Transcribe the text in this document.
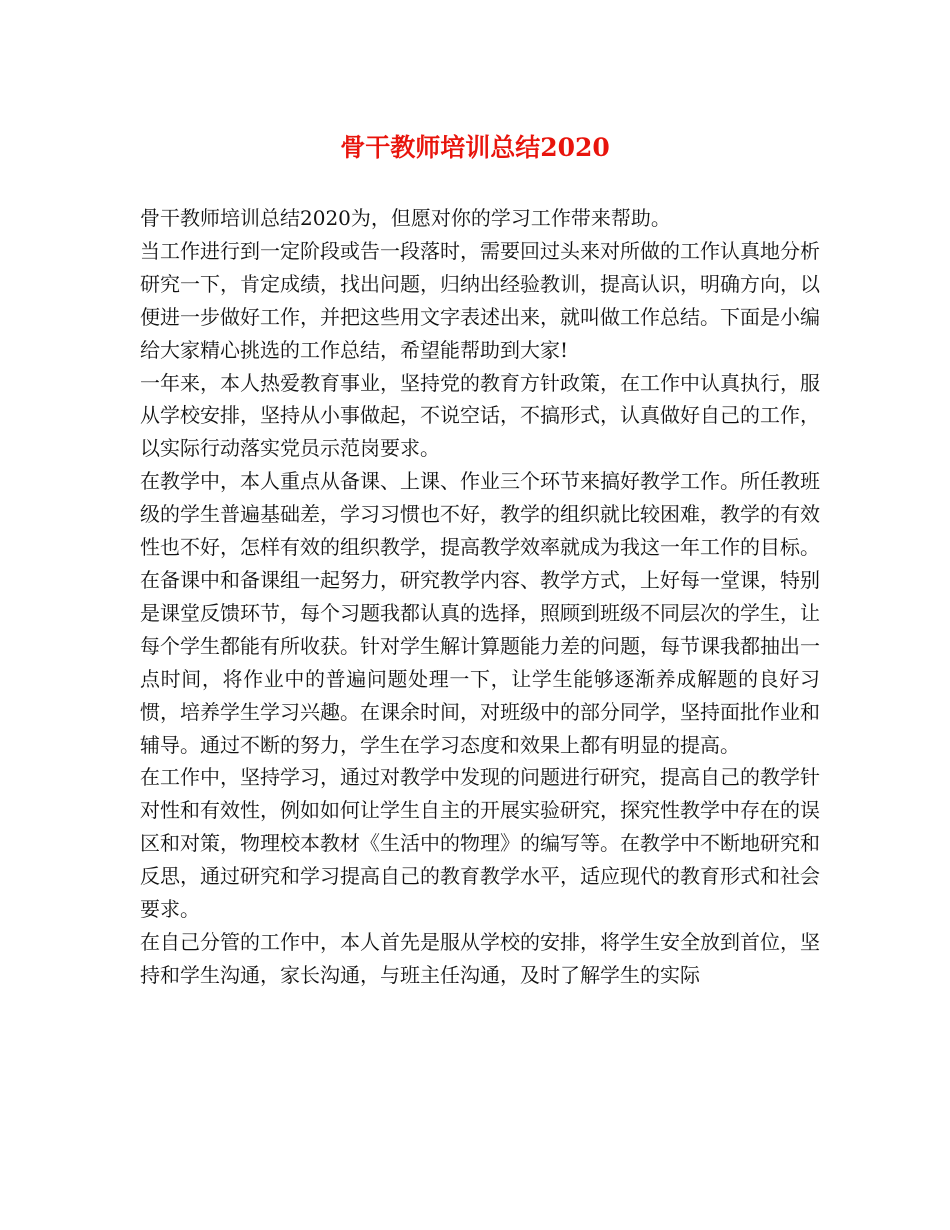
骨干教师培训总结2020

骨干教师培训总结2020为，但愿对你的学习工作带来帮助。

当工作进行到一定阶段或告一段落时，需要回过头来对所做的工作认真地分析研究一下，肯定成绩，找出问题，归纳出经验教训，提高认识，明确方向，以便进一步做好工作，并把这些用文字表述出来，就叫做工作总结。下面是小编给大家精心挑选的工作总结，希望能帮助到大家!

一年来，本人热爱教育事业，坚持党的教育方针政策，在工作中认真执行，服从学校安排，坚持从小事做起，不说空话，不搞形式，认真做好自己的工作，以实际行动落实党员示范岗要求。

在教学中，本人重点从备课、上课、作业三个环节来搞好教学工作。所任教班级的学生普遍基础差，学习习惯也不好，教学的组织就比较困难，教学的有效性也不好，怎样有效的组织教学，提高教学效率就成为我这一年工作的目标。在备课中和备课组一起努力，研究教学内容、教学方式，上好每一堂课，特别是课堂反馈环节，每个习题我都认真的选择，照顾到班级不同层次的学生，让每个学生都能有所收获。针对学生解计算题能力差的问题，每节课我都抽出一点时间，将作业中的普遍问题处理一下，让学生能够逐渐养成解题的良好习惯，培养学生学习兴趣。在课余时间，对班级中的部分同学，坚持面批作业和辅导。通过不断的努力，学生在学习态度和效果上都有明显的提高。

在工作中，坚持学习，通过对教学中发现的问题进行研究，提高自己的教学针对性和有效性，例如如何让学生自主的开展实验研究，探究性教学中存在的误区和对策，物理校本教材《生活中的物理》的编写等。在教学中不断地研究和反思，通过研究和学习提高自己的教育教学水平，适应现代的教育形式和社会要求。

在自己分管的工作中，本人首先是服从学校的安排，将学生安全放到首位，坚持和学生沟通，家长沟通，与班主任沟通，及时了解学生的实际
